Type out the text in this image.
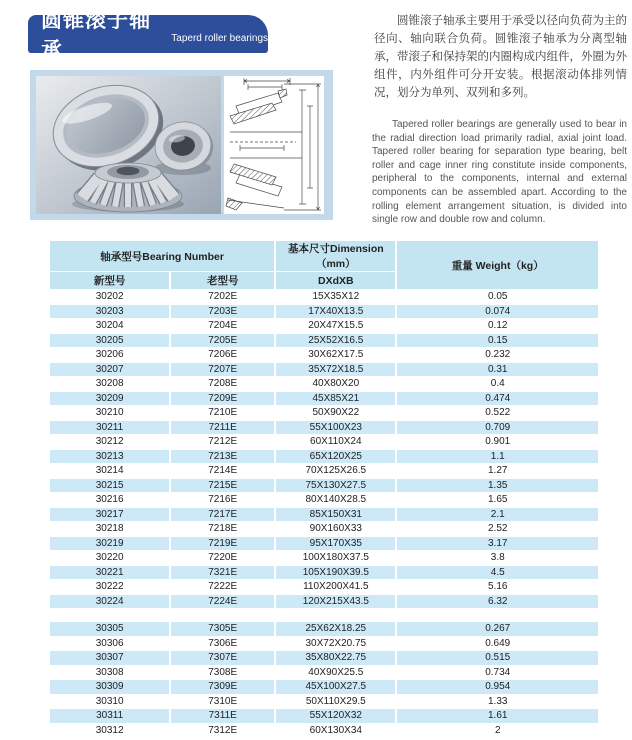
圆锥滚子轴承
Taperd roller bearings

圆锥滚子轴承主要用于承受以径向负荷为主的径向、轴向联合负荷。圆锥滚子轴承为分离型轴承，带滚子和保持架的内圈构成内组件，外圈为外组件，内外组件可分开安装。根据滚动体排列情况，划分为单列、双列和多列。

Tapered roller bearings are generally used to bear in the radial direction load primarily radial, axial joint load. Tapered roller bearing for separation type bearing, belt roller and cage inner ring constitute inside components, peripheral to the components, internal and external components can be assembled apart. According to the rolling element arrangement situation, is divided into single row and double row and column.

轴承型号Bearing Number		基本尺寸Dimension（mm）	重量 Weight（kg）
新型号	老型号	DXdXB	
30202	7202E	15X35X12	0.05
30203	7203E	17X40X13.5	0.074
30204	7204E	20X47X15.5	0.12
30205	7205E	25X52X16.5	0.15
30206	7206E	30X62X17.5	0.232
30207	7207E	35X72X18.5	0.31
30208	7208E	40X80X20	0.4
30209	7209E	45X85X21	0.474
30210	7210E	50X90X22	0.522
30211	7211E	55X100X23	0.709
30212	7212E	60X110X24	0.901
30213	7213E	65X120X25	1.1
30214	7214E	70X125X26.5	1.27
30215	7215E	75X130X27.5	1.35
30216	7216E	80X140X28.5	1.65
30217	7217E	85X150X31	2.1
30218	7218E	90X160X33	2.52
30219	7219E	95X170X35	3.17
30220	7220E	100X180X37.5	3.8
30221	7321E	105X190X39.5	4.5
30222	7222E	110X200X41.5	5.16
30224	7224E	120X215X43.5	6.32

30305	7305E	25X62X18.25	0.267
30306	7306E	30X72X20.75	0.649
30307	7307E	35X80X22.75	0.515
30308	7308E	40X90X25.5	0.734
30309	7309E	45X100X27.5	0.954
30310	7310E	50X110X29.5	1.33
30311	7311E	55X120X32	1.61
30312	7312E	60X130X34	2
